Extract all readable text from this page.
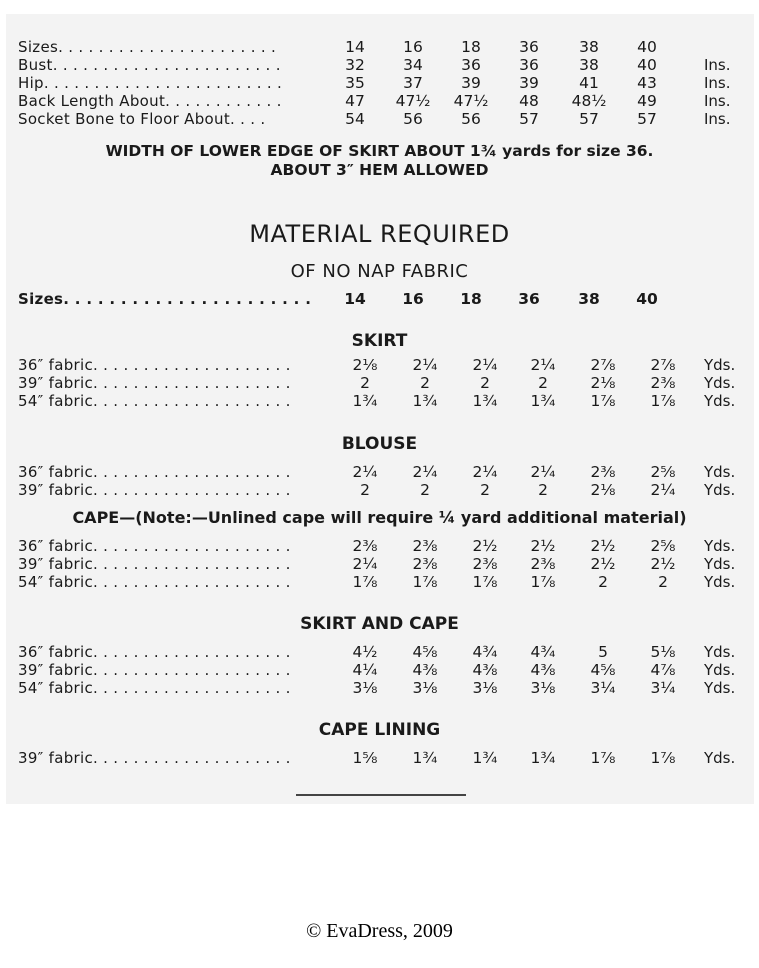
Sizes. . . . . . . . . . . . . . . . . . . . . .	14	16	18	36	38	40
Bust. . . . . . . . . . . . . . . . . . . . . . .	32	34	36	36	38	40	Ins.
Hip. . . . . . . . . . . . . . . . . . . . . . . .	35	37	39	39	41	43	Ins.
Back Length About. . . . . . . . . . . .	47	47½	47½	48	48½	49	Ins.
Socket Bone to Floor About. . . .	54	56	56	57	57	57	Ins.
WIDTH OF LOWER EDGE OF SKIRT ABOUT 1¾ yards for size 36.
ABOUT 3″ HEM ALLOWED
MATERIAL REQUIRED
OF NO NAP FABRIC
Sizes. . . . . . . . . . . . . . . . . . . . . .	14	16	18	36	38	40
SKIRT
36″ fabric. . . . . . . . . . . . . . . . . . . .	2⅛	2¼	2¼	2¼	2⅞	2⅞	Yds.
39″ fabric. . . . . . . . . . . . . . . . . . . .	2	2	2	2	2⅛	2⅜	Yds.
54″ fabric. . . . . . . . . . . . . . . . . . . .	1¾	1¾	1¾	1¾	1⅞	1⅞	Yds.
BLOUSE
36″ fabric. . . . . . . . . . . . . . . . . . . .	2¼	2¼	2¼	2¼	2⅜	2⅝	Yds.
39″ fabric. . . . . . . . . . . . . . . . . . . .	2	2	2	2	2⅛	2¼	Yds.
CAPE—(Note:—Unlined cape will require ¼ yard additional material)
36″ fabric. . . . . . . . . . . . . . . . . . . .	2⅜	2⅜	2½	2½	2½	2⅝	Yds.
39″ fabric. . . . . . . . . . . . . . . . . . . .	2¼	2⅜	2⅜	2⅜	2½	2½	Yds.
54″ fabric. . . . . . . . . . . . . . . . . . . .	1⅞	1⅞	1⅞	1⅞	2	2	Yds.
SKIRT AND CAPE
36″ fabric. . . . . . . . . . . . . . . . . . . .	4½	4⅝	4¾	4¾	5	5⅛	Yds.
39″ fabric. . . . . . . . . . . . . . . . . . . .	4¼	4⅜	4⅜	4⅜	4⅝	4⅞	Yds.
54″ fabric. . . . . . . . . . . . . . . . . . . .	3⅛	3⅛	3⅛	3⅛	3¼	3¼	Yds.
CAPE LINING
39″ fabric. . . . . . . . . . . . . . . . . . . .	1⅝	1¾	1¾	1¾	1⅞	1⅞	Yds.
© EvaDress, 2009
